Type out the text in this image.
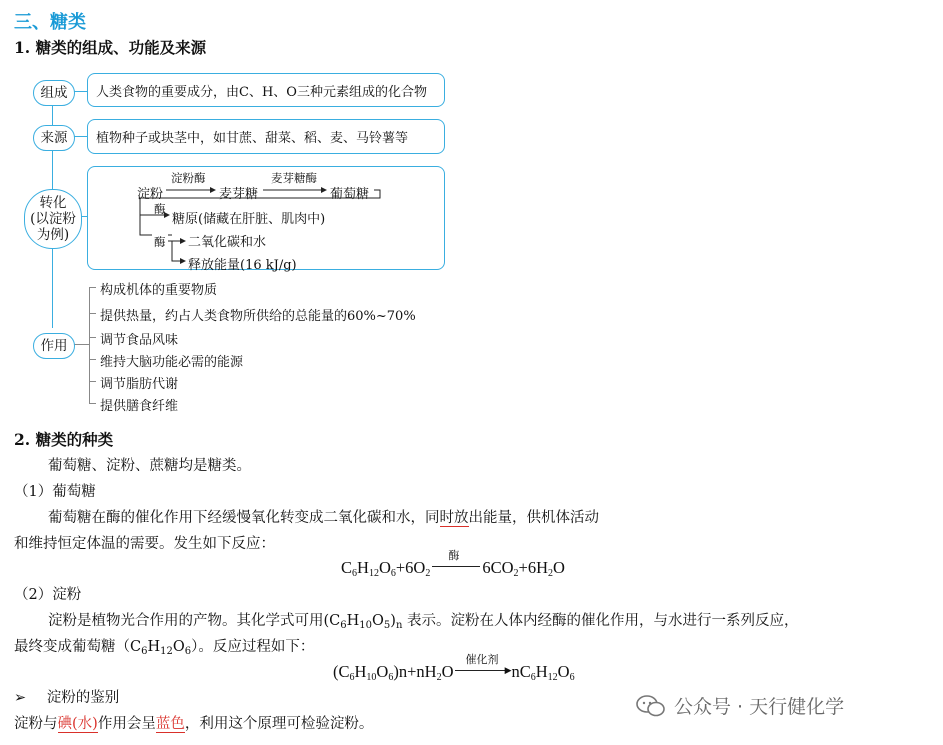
三、糖类
1. 糖类的组成、功能及来源
组成
来源
转化
(以淀粉
为例)
作用
人类食物的重要成分，由C、H、O三种元素组成的化合物
植物种子或块茎中，如甘蔗、甜菜、稻、麦、马铃薯等
淀粉
淀粉酶
麦芽糖
麦芽糖酶
葡萄糖
酶
糖原(储藏在肝脏、肌肉中)
酶 二氧化碳和水
释放能量(16 kJ/g)
构成机体的重要物质
提供热量，约占人类食物所供给的总能量的60%~70%
调节食品风味
维持大脑功能必需的能源
调节脂肪代谢
提供膳食纤维
2. 糖类的种类
葡萄糖、淀粉、蔗糖均是糖类。
（1）葡萄糖
葡萄糖在酶的催化作用下经缓慢氧化转变成二氧化碳和水，同时放出能量，供机体活动
和维持恒定体温的需要。发生如下反应：
$C_6H_{12}O_6+6O_2$
酶
$6CO_2+6H_2O$
（2）淀粉
淀粉是植物光合作用的产物。其化学式可用$(C_6H_{10}O_5)_n$ 表示。淀粉在人体内经酶的催化作用，与水进行一系列反应，
最终变成葡萄糖$(C_6H_{12}O_6)$。反应过程如下：
$(C_6H_{10}O_6)n+nH_2O$
催化剂
▶ $nC_6H_{12}O_6$
➢ 淀粉的鉴别
淀粉与碘(水)作用会呈蓝色，利用这个原理可检验淀粉。
公众号 · 天行健化学
